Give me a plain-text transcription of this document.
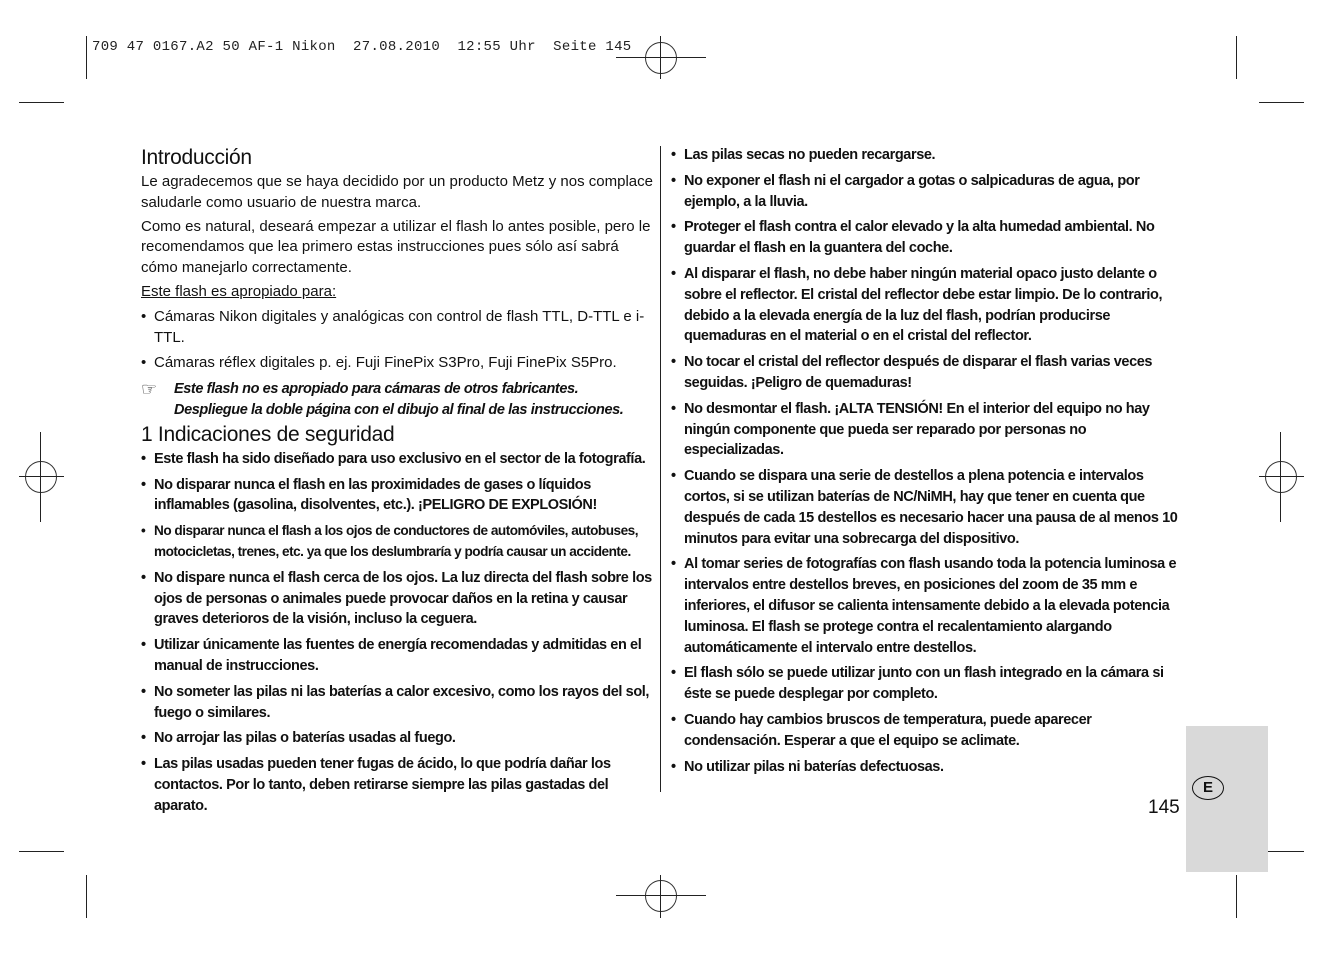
709 47 0167.A2 50 AF-1 Nikon  27.08.2010  12:55 Uhr  Seite 145
Introducción

Le agradecemos que se haya decidido por un producto Metz y nos complace saludarle como usuario de nuestra marca.

Como es natural, deseará empezar a utilizar el flash lo antes posible, pero le recomendamos que lea primero estas instrucciones pues sólo así sabrá cómo manejarlo correctamente.

Este flash es apropiado para:

• Cámaras Nikon digitales y analógicas con control de flash TTL, D-TTL e i-TTL.
• Cámaras réflex digitales p. ej. Fuji FinePix S3Pro, Fuji FinePix S5Pro.
☞ Este flash no es apropiado para cámaras de otros fabricantes.
Despliegue la doble página con el dibujo al final de las instrucciones.
1 Indicaciones de seguridad
• Este flash ha sido diseñado para uso exclusivo en el sector de la fotografía.
• No disparar nunca el flash en las proximidades de gases o líquidos inflamables (gasolina, disolventes, etc.). ¡PELIGRO DE EXPLOSIÓN!
• No disparar nunca el flash a los ojos de conductores de automóviles, autobuses, motocicletas, trenes, etc. ya que los deslumbraría y podría causar un accidente.
• No dispare nunca el flash cerca de los ojos. La luz directa del flash sobre los ojos de personas o animales puede provocar daños en la retina y causar graves deterioros de la visión, incluso la ceguera.
• Utilizar únicamente las fuentes de energía recomendadas y admitidas en el manual de instrucciones.
• No someter las pilas ni las baterías a calor excesivo, como los rayos del sol, fuego o similares.
• No arrojar las pilas o baterías usadas al fuego.
• Las pilas usadas pueden tener fugas de ácido, lo que podría dañar los contactos. Por lo tanto, deben retirarse siempre las pilas gastadas del aparato.
• Las pilas secas no pueden recargarse.
• No exponer el flash ni el cargador a gotas o salpicaduras de agua, por ejemplo, a la lluvia.
• Proteger el flash contra el calor elevado y la alta humedad ambiental. No guardar el flash en la guantera del coche.
• Al disparar el flash, no debe haber ningún material opaco justo delante o sobre el reflector. El cristal del reflector debe estar limpio. De lo contrario, debido a la elevada energía de la luz del flash, podrían producirse quemaduras en el material o en el cristal del reflector.
• No tocar el cristal del reflector después de disparar el flash varias veces seguidas. ¡Peligro de quemaduras!
• No desmontar el flash. ¡ALTA TENSIÓN! En el interior del equipo no hay ningún componente que pueda ser reparado por personas no especializadas.
• Cuando se dispara una serie de destellos a plena potencia e intervalos cortos, si se utilizan baterías de NC/NiMH, hay que tener en cuenta que después de cada 15 destellos es necesario hacer una pausa de al menos 10 minutos para evitar una sobrecarga del dispositivo.
• Al tomar series de fotografías con flash usando toda la potencia luminosa e intervalos entre destellos breves, en posiciones del zoom de 35 mm e inferiores, el difusor se calienta intensamente debido a la elevada potencia luminosa. El flash se protege contra el recalentamiento alargando automáticamente el intervalo entre destellos.
• El flash sólo se puede utilizar junto con un flash integrado en la cámara si éste se puede desplegar por completo.
• Cuando hay cambios bruscos de temperatura, puede aparecer condensación. Esperar a que el equipo se aclimate.
• No utilizar pilas ni baterías defectuosas.
E
145
